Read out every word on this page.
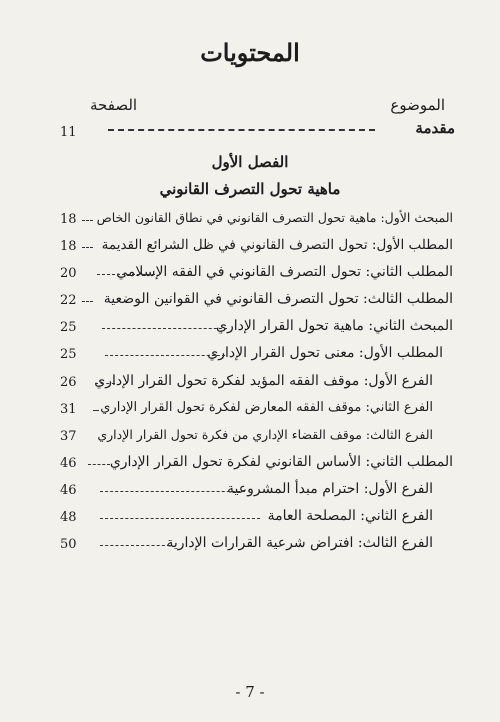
المحتويات
الموضوع
الصفحة
مقدمة
11
الفصل الأول
ماهية تحول التصرف القانوني
المبحث الأول: ماهية تحول التصرف القانوني في نطاق القانون الخاص
18
المطلب الأول: تحول التصرف القانوني في ظل الشرائع القديمة
18
المطلب الثاني: تحول التصرف القانوني في الفقه الإسلامي
20
المطلب الثالث: تحول التصرف القانوني في القوانين الوضعية
22
المبحث الثاني: ماهية تحول القرار الإداري
25
المطلب الأول: معنى تحول القرار الإداري
25
الفرع الأول: موقف الفقه المؤيد لفكرة تحول القرار الإداري
26
الفرع الثاني: موقف الفقه المعارض لفكرة تحول القرار الإداري
31
الفرع الثالث: موقف القضاء الإداري من فكرة تحول القرار الإداري
37
المطلب الثاني: الأساس القانوني لفكرة تحول القرار الإداري
46
الفرع الأول: احترام مبدأ المشروعية
46
الفرع الثاني: المصلحة العامة
48
الفرع الثالث: افتراض شرعية القرارات الإدارية
50
- 7 -
